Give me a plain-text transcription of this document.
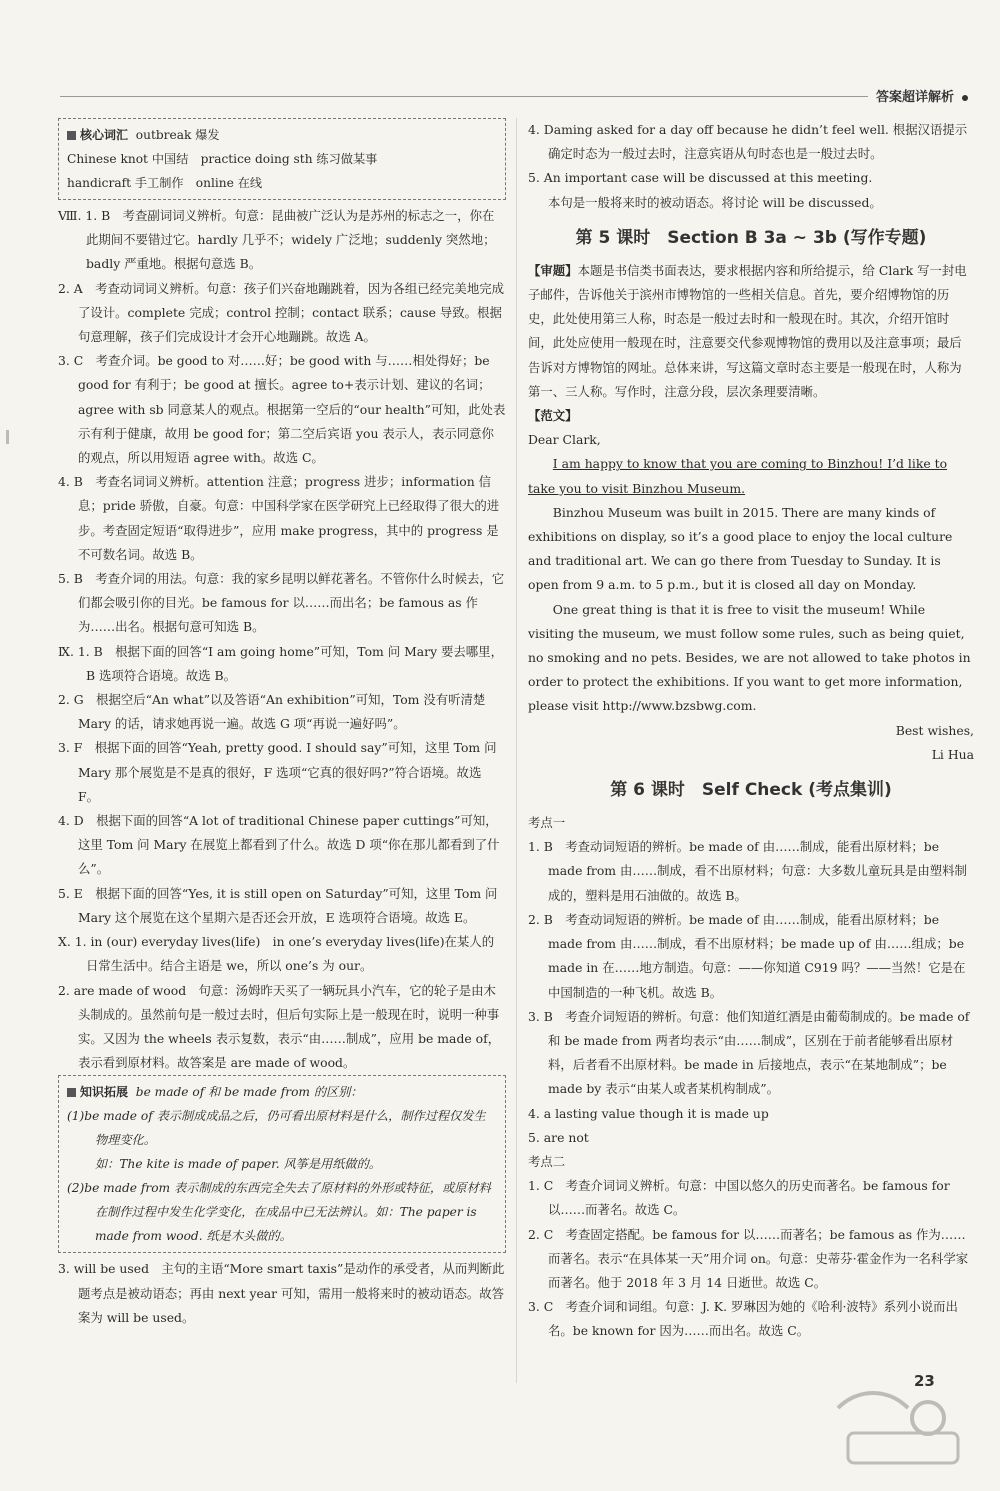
答案超详解析

核心词汇 outbreak 爆发

Chinese knot 中国结　practice doing sth 练习做某事

handicraft 手工制作　online 在线

Ⅷ. 1. B　考查副词词义辨析。句意：昆曲被广泛认为是苏州的标志之一，你在此期间不要错过它。hardly 几乎不；widely 广泛地；suddenly 突然地；badly 严重地。根据句意选 B。

2. A　考查动词词义辨析。句意：孩子们兴奋地蹦跳着，因为各组已经完美地完成了设计。complete 完成；control 控制；contact 联系；cause 导致。根据句意理解，孩子们完成设计才会开心地蹦跳。故选 A。

3. C　考查介词。be good to 对……好；be good with 与……相处得好；be good for 有利于；be good at 擅长。agree to+表示计划、建议的名词；agree with sb 同意某人的观点。根据第一空后的“our health”可知，此处表示有利于健康，故用 be good for；第二空后宾语 you 表示人，表示同意你的观点，所以用短语 agree with。故选 C。

4. B　考查名词词义辨析。attention 注意；progress 进步；information 信息；pride 骄傲，自豪。句意：中国科学家在医学研究上已经取得了很大的进步。考查固定短语“取得进步”，应用 make progress，其中的 progress 是不可数名词。故选 B。

5. B　考查介词的用法。句意：我的家乡昆明以鲜花著名。不管你什么时候去，它们都会吸引你的目光。be famous for 以……而出名；be famous as 作为……出名。根据句意可知选 B。

Ⅸ. 1. B　根据下面的回答“I am going home”可知，Tom 问 Mary 要去哪里，B 选项符合语境。故选 B。

2. G　根据空后“An what”以及答语“An exhibition”可知，Tom 没有听清楚 Mary 的话，请求她再说一遍。故选 G 项“再说一遍好吗”。

3. F　根据下面的回答“Yeah, pretty good. I should say”可知，这里 Tom 问 Mary 那个展览是不是真的很好，F 选项“它真的很好吗?”符合语境。故选 F。

4. D　根据下面的回答“A lot of traditional Chinese paper cuttings”可知，这里 Tom 问 Mary 在展览上都看到了什么。故选 D 项“你在那儿都看到了什么”。

5. E　根据下面的回答“Yes, it is still open on Saturday”可知，这里 Tom 问 Mary 这个展览在这个星期六是否还会开放，E 选项符合语境。故选 E。

Ⅹ. 1. in (our) everyday lives(life)　in one’s everyday lives(life)在某人的日常生活中。结合主语是 we，所以 one’s 为 our。

2. are made of wood　句意：汤姆昨天买了一辆玩具小汽车，它的轮子是由木头制成的。虽然前句是一般过去时，但后句实际上是一般现在时，说明一种事实。又因为 the wheels 表示复数，表示“由……制成”，应用 be made of，表示看到原材料。故答案是 are made of wood。

知识拓展 be made of 和 be made from 的区别：

(1)be made of 表示制成成品之后，仍可看出原材料是什么，制作过程仅发生物理变化。

如：The kite is made of paper. 风筝是用纸做的。

(2)be made from 表示制成的东西完全失去了原材料的外形或特征，或原材料在制作过程中发生化学变化，在成品中已无法辨认。如：The paper is made from wood. 纸是木头做的。

3. will be used　主句的主语“More smart taxis”是动作的承受者，从而判断此题考点是被动语态；再由 next year 可知，需用一般将来时的被动语态。故答案为 will be used。

4. Daming asked for a day off because he didn’t feel well. 根据汉语提示确定时态为一般过去时，注意宾语从句时态也是一般过去时。

5. An important case will be discussed at this meeting.

本句是一般将来时的被动语态。将讨论 will be discussed。

第 5 课时　Section B 3a ~ 3b (写作专题)

【审题】本题是书信类书面表达，要求根据内容和所给提示，给 Clark 写一封电子邮件，告诉他关于滨州市博物馆的一些相关信息。首先，要介绍博物馆的历史，此处使用第三人称，时态是一般过去时和一般现在时。其次，介绍开馆时间，此处应使用一般现在时，注意要交代参观博物馆的费用以及注意事项；最后告诉对方博物馆的网址。总体来讲，写这篇文章时态主要是一般现在时，人称为第一、三人称。写作时，注意分段，层次条理要清晰。

【范文】

Dear Clark,

I am happy to know that you are coming to Binzhou! I’d like to take you to visit Binzhou Museum.

Binzhou Museum was built in 2015. There are many kinds of exhibitions on display, so it’s a good place to enjoy the local culture and traditional art. We can go there from Tuesday to Sunday. It is open from 9 a.m. to 5 p.m., but it is closed all day on Monday.

One great thing is that it is free to visit the museum! While visiting the museum, we must follow some rules, such as being quiet, no smoking and no pets. Besides, we are not allowed to take photos in order to protect the exhibitions. If you want to get more information, please visit http://www.bzsbwg.com.

Best wishes,

Li Hua

第 6 课时　Self Check (考点集训)

考点一

1. B　考查动词短语的辨析。be made of 由……制成，能看出原材料；be made from 由……制成，看不出原材料；句意：大多数儿童玩具是由塑料制成的，塑料是用石油做的。故选 B。

2. B　考查动词短语的辨析。be made of 由……制成，能看出原材料；be made from 由……制成，看不出原材料；be made up of 由……组成；be made in 在……地方制造。句意：——你知道 C919 吗？——当然！它是在中国制造的一种飞机。故选 B。

3. B　考查介词短语的辨析。句意：他们知道红酒是由葡萄制成的。be made of 和 be made from 两者均表示“由……制成”，区别在于前者能够看出原材料，后者看不出原材料。be made in 后接地点，表示“在某地制成”；be made by 表示“由某人或者某机构制成”。

4. a lasting value though it is made up

5. are not

考点二

1. C　考查介词词义辨析。句意：中国以悠久的历史而著名。be famous for 以……而著名。故选 C。

2. C　考查固定搭配。be famous for 以……而著名；be famous as 作为……而著名。表示“在具体某一天”用介词 on。句意：史蒂芬·霍金作为一名科学家而著名。他于 2018 年 3 月 14 日逝世。故选 C。

3. C　考查介词和词组。句意：J. K. 罗琳因为她的《哈利·波特》系列小说而出名。be known for 因为……而出名。故选 C。

23
